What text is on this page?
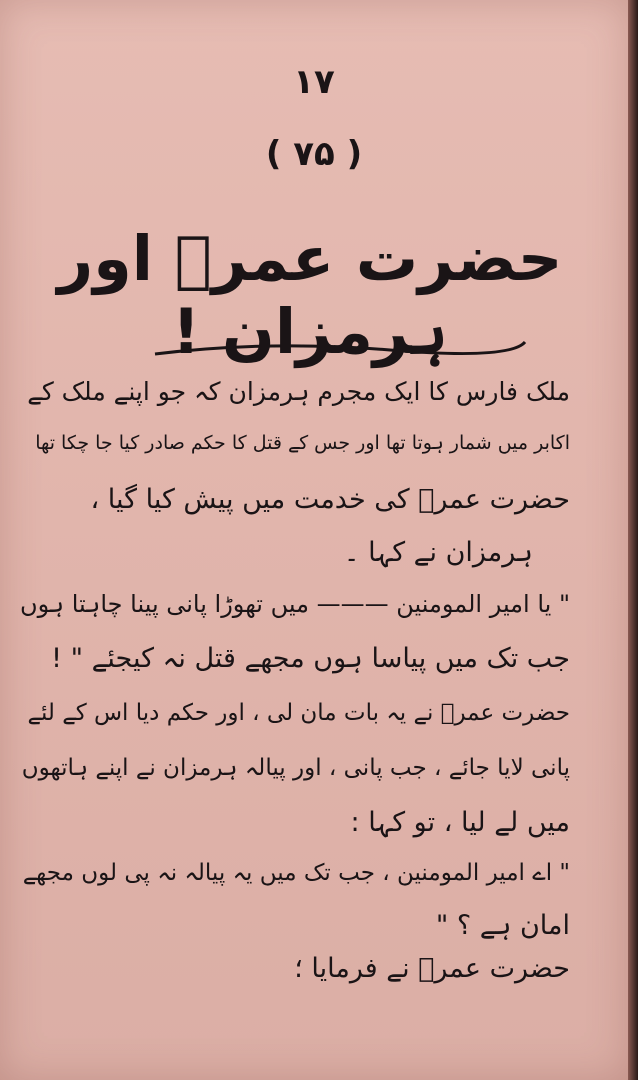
۱۷
( ۷۵ )
حضرت عمرؓ اور ہرمزان !
ملک فارس کا ایک مجرم ہرمزان کہ جو اپنے ملک کے
اکابر میں شمار ہوتا تھا اور جس کے قتل کا حکم صادر کیا جا چکا تھا
حضرت عمرؓ کی خدمت میں پیش کیا گیا ،
ہرمزان نے کہا ۔
" یا امیر المومنین ——— میں تھوڑا پانی پینا چاہتا ہوں
جب تک میں پیاسا ہوں مجھے قتل نہ کیجئے " !
حضرت عمرؓ نے یہ بات مان لی ، اور حکم دیا اس کے لئے
پانی لایا جائے ، جب پانی ، اور پیالہ ہرمزان نے اپنے ہاتھوں
میں لے لیا ، تو کہا :
" اے امیر المومنین ، جب تک میں یہ پیالہ نہ پی لوں مجھے
امان ہے ؟ "
حضرت عمرؓ نے فرمایا ؛
